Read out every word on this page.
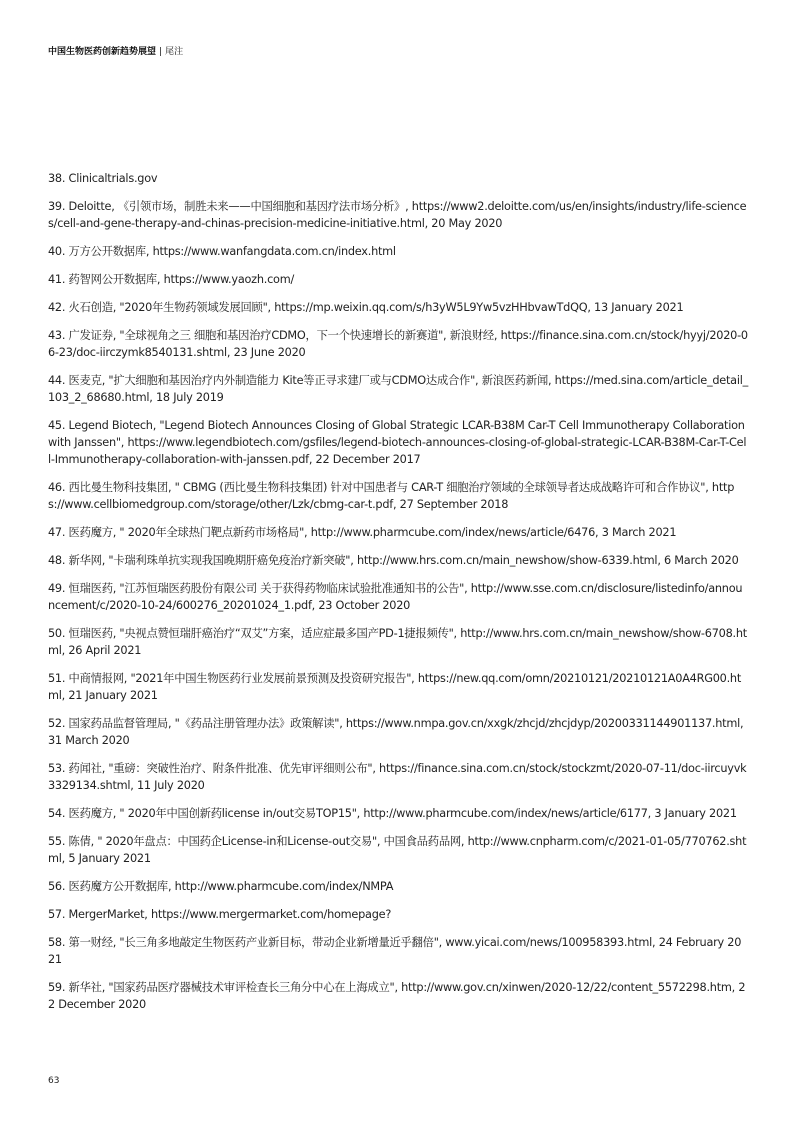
中国生物医药创新趋势展望 | 尾注

38. Clinicaltrials.gov

39. Deloitte, 《引领市场，制胜未来——中国细胞和基因疗法市场分析》, https://www2.deloitte.com/us/en/insights/industry/life-sciences/cell-and-gene-therapy-and-chinas-precision-medicine-initiative.html, 20 May 2020

40. 万方公开数据库, https://www.wanfangdata.com.cn/index.html

41. 药智网公开数据库, https://www.yaozh.com/

42. 火石创造, "2020年生物药领域发展回顾", https://mp.weixin.qq.com/s/h3yW5L9Yw5vzHHbvawTdQQ, 13 January 2021

43. 广发证券, "全球视角之三 细胞和基因治疗CDMO，下一个快速增长的新赛道", 新浪财经, https://finance.sina.com.cn/stock/hyyj/2020-06-23/doc-iirczymk8540131.shtml, 23 June 2020

44. 医麦克, "扩大细胞和基因治疗内外制造能力 Kite等正寻求建厂或与CDMO达成合作", 新浪医药新闻, https://med.sina.com/article_detail_103_2_68680.html, 18 July 2019

45. Legend Biotech, "Legend Biotech Announces Closing of Global Strategic LCAR-B38M Car-T Cell Immunotherapy Collaboration with Janssen", https://www.legendbiotech.com/gsfiles/legend-biotech-announces-closing-of-global-strategic-LCAR-B38M-Car-T-Cell-Immunotherapy-collaboration-with-janssen.pdf, 22 December 2017

46. 西比曼生物科技集团, " CBMG (西比曼生物科技集团) 针对中国患者与 CAR-T 细胞治疗领域的全球领导者达成战略许可和合作协议", https://www.cellbiomedgroup.com/storage/other/Lzk/cbmg-car-t.pdf, 27 September 2018

47. 医药魔方, " 2020年全球热门靶点新药市场格局", http://www.pharmcube.com/index/news/article/6476, 3 March 2021

48. 新华网, "卡瑞利珠单抗实现我国晚期肝癌免疫治疗新突破", http://www.hrs.com.cn/main_newshow/show-6339.html, 6 March 2020

49. 恒瑞医药, "江苏恒瑞医药股份有限公司 关于获得药物临床试验批准通知书的公告", http://www.sse.com.cn/disclosure/listedinfo/announcement/c/2020-10-24/600276_20201024_1.pdf, 23 October 2020

50. 恒瑞医药, "央视点赞恒瑞肝癌治疗“双艾”方案，适应症最多国产PD-1捷报频传", http://www.hrs.com.cn/main_newshow/show-6708.html, 26 April 2021

51. 中商情报网, "2021年中国生物医药行业发展前景预测及投资研究报告", https://new.qq.com/omn/20210121/20210121A0A4RG00.html, 21 January 2021

52. 国家药品监督管理局, "《药品注册管理办法》政策解读", https://www.nmpa.gov.cn/xxgk/zhcjd/zhcjdyp/20200331144901137.html, 31 March 2020

53. 药闻社, "重磅：突破性治疗、附条件批准、优先审评细则公布", https://finance.sina.com.cn/stock/stockzmt/2020-07-11/doc-iircuyvk3329134.shtml, 11 July 2020

54. 医药魔方, " 2020年中国创新药license in/out交易TOP15", http://www.pharmcube.com/index/news/article/6177, 3 January 2021

55. 陈倩, " 2020年盘点：中国药企License-in和License-out交易", 中国食品药品网, http://www.cnpharm.com/c/2021-01-05/770762.shtml, 5 January 2021

56. 医药魔方公开数据库, http://www.pharmcube.com/index/NMPA

57. MergerMarket, https://www.mergermarket.com/homepage?

58. 第一财经, "长三角多地敲定生物医药产业新目标，带动企业新增量近乎翻倍", www.yicai.com/news/100958393.html, 24 February 2021

59. 新华社, "国家药品医疗器械技术审评检查长三角分中心在上海成立", http://www.gov.cn/xinwen/2020-12/22/content_5572298.htm, 22 December 2020

63
